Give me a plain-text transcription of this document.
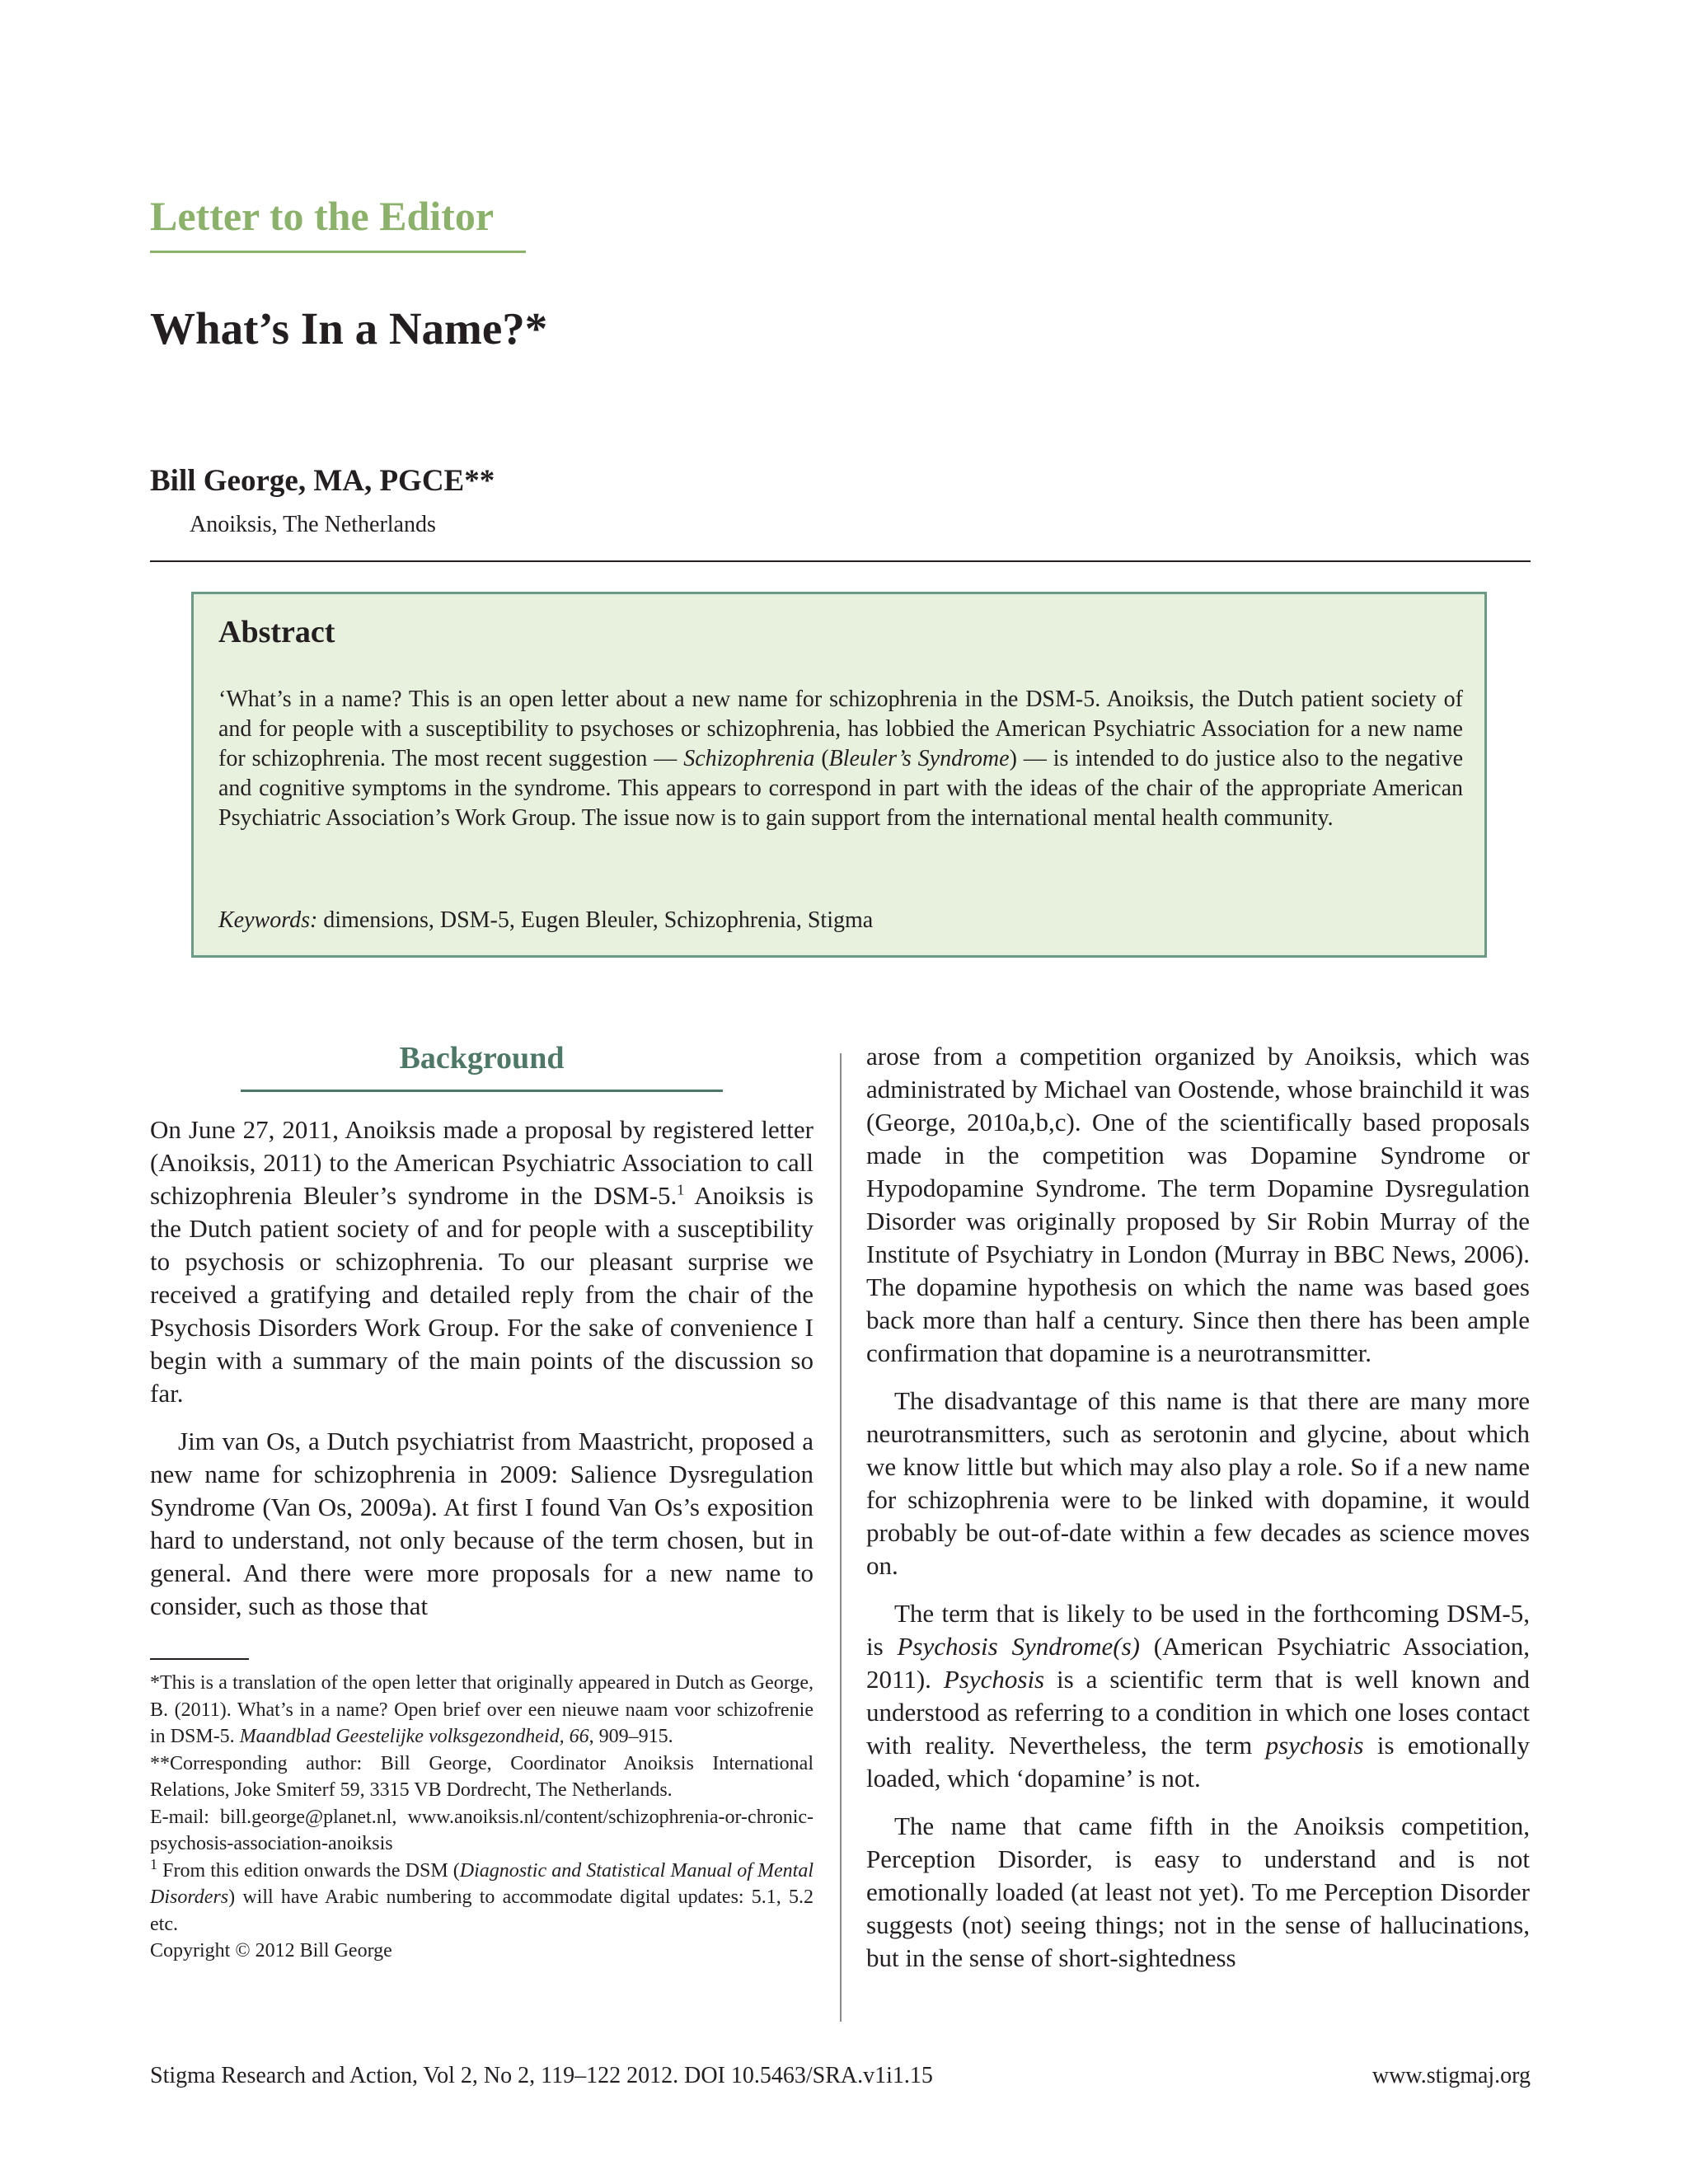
Letter to the Editor
What’s In a Name?*

Bill George, MA, PGCE**

Anoiksis, The Netherlands

Abstract

‘What’s in a name? This is an open letter about a new name for schizophrenia in the DSM-5. Anoiksis, the Dutch patient society of and for people with a susceptibility to psychoses or schizophrenia, has lobbied the American Psychiatric Association for a new name for schizophrenia. The most recent suggestion — Schizophrenia (Bleuler’s Syndrome) — is intended to do justice also to the negative and cognitive symptoms in the syndrome. This appears to correspond in part with the ideas of the chair of the appropriate American Psychiatric Association’s Work Group. The issue now is to gain support from the international mental health community.

Keywords: dimensions, DSM-5, Eugen Bleuler, Schizophrenia, Stigma

Background

On June 27, 2011, Anoiksis made a proposal by registered letter (Anoiksis, 2011) to the American Psychiatric Association to call schizophrenia Bleuler’s syndrome in the DSM-5.$^1$ Anoiksis is the Dutch patient society of and for people with a susceptibility to psychosis or schizophrenia. To our pleasant surprise we received a gratifying and detailed reply from the chair of the Psychosis Disorders Work Group. For the sake of convenience I begin with a summary of the main points of the discussion so far.

Jim van Os, a Dutch psychiatrist from Maastricht, proposed a new name for schizophrenia in 2009: Salience Dysregulation Syndrome (Van Os, 2009a). At first I found Van Os’s exposition hard to understand, not only because of the term chosen, but in general. And there were more proposals for a new name to consider, such as those that

arose from a competition organized by Anoiksis, which was administrated by Michael van Oostende, whose brainchild it was (George, 2010a,b,c). One of the scientifically based proposals made in the competition was Dopamine Syndrome or Hypodopamine Syndrome. The term Dopamine Dysregulation Disorder was originally proposed by Sir Robin Murray of the Institute of Psychiatry in London (Murray in BBC News, 2006). The dopamine hypothesis on which the name was based goes back more than half a century. Since then there has been ample confirmation that dopamine is a neurotransmitter.

The disadvantage of this name is that there are many more neurotransmitters, such as serotonin and glycine, about which we know little but which may also play a role. So if a new name for schizophrenia were to be linked with dopamine, it would probably be out-of-date within a few decades as science moves on.

The term that is likely to be used in the forthcoming DSM-5, is Psychosis Syndrome(s) (American Psychiatric Association, 2011). Psychosis is a scientific term that is well known and understood as referring to a condition in which one loses contact with reality. Nevertheless, the term psychosis is emotionally loaded, which ‘dopamine’ is not.

The name that came fifth in the Anoiksis competition, Perception Disorder, is easy to understand and is not emotionally loaded (at least not yet). To me Perception Disorder suggests (not) seeing things; not in the sense of hallucinations, but in the sense of short-sightedness

*This is a translation of the open letter that originally appeared in Dutch as George, B. (2011). What’s in a name? Open brief over een nieuwe naam voor schizofrenie in DSM-5. Maandblad Geestelijke volksgezondheid, 66, 909–915.

**Corresponding author: Bill George, Coordinator Anoiksis International Relations, Joke Smiterf 59, 3315 VB Dordrecht, The Netherlands.

E-mail: bill.george@planet.nl, www.anoiksis.nl/content/schizophrenia-or-chronic-psychosis-association-anoiksis

$^1$ From this edition onwards the DSM (Diagnostic and Statistical Manual of Mental Disorders) will have Arabic numbering to accommodate digital updates: 5.1, 5.2 etc.

Copyright © 2012 Bill George

Stigma Research and Action, Vol 2, No 2, 119–122 2012. DOI 10.5463/SRA.v1i1.15	www.stigmaj.org
